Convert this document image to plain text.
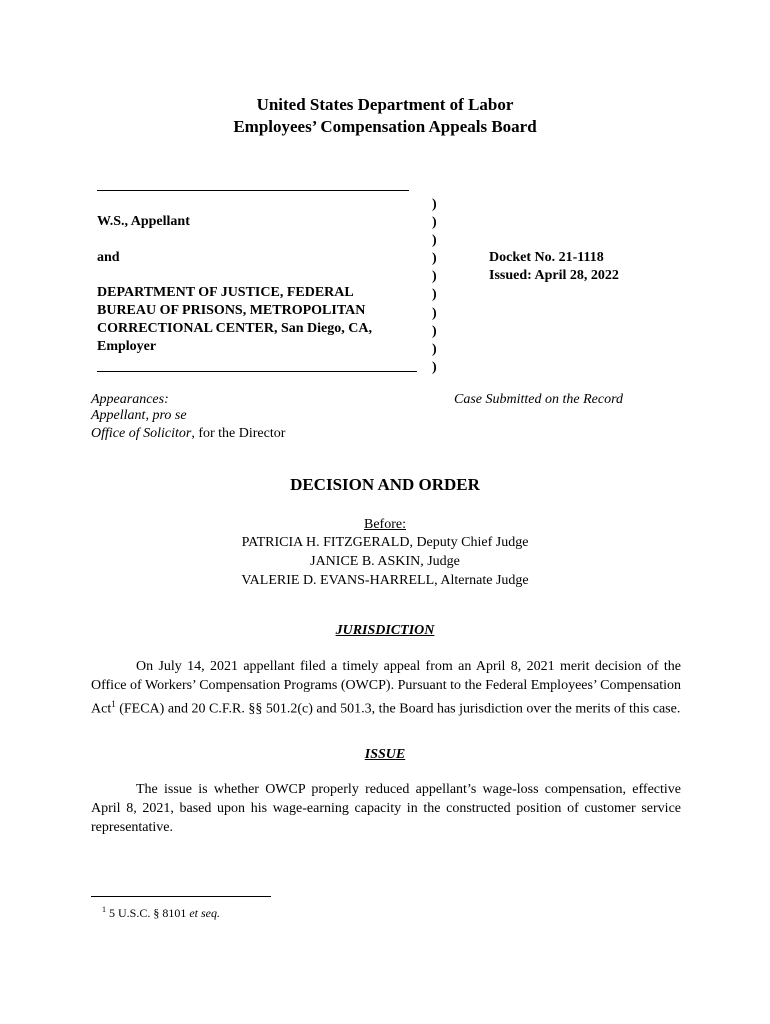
United States Department of Labor
Employees’ Compensation Appeals Board
W.S., Appellant
and
DEPARTMENT OF JUSTICE, FEDERAL
BUREAU OF PRISONS, METROPOLITAN
CORRECTIONAL CENTER, San Diego, CA,
Employer
)
)
)
)
)
)
)
)
)
)
Docket No. 21-1118
Issued: April 28, 2022
Appearances:
Appellant, pro se
Office of Solicitor, for the Director
Case Submitted on the Record
DECISION AND ORDER
Before:
PATRICIA H. FITZGERALD, Deputy Chief Judge
JANICE B. ASKIN, Judge
VALERIE D. EVANS-HARRELL, Alternate Judge
JURISDICTION
On July 14, 2021 appellant filed a timely appeal from an April 8, 2021 merit decision of the Office of Workers’ Compensation Programs (OWCP). Pursuant to the Federal Employees’ Compensation Act$^1$ (FECA) and 20 C.F.R. §§ 501.2(c) and 501.3, the Board has jurisdiction over the merits of this case.
ISSUE
The issue is whether OWCP properly reduced appellant’s wage-loss compensation, effective April 8, 2021, based upon his wage-earning capacity in the constructed position of customer service representative.
$^1$ 5 U.S.C. § 8101 et seq.
